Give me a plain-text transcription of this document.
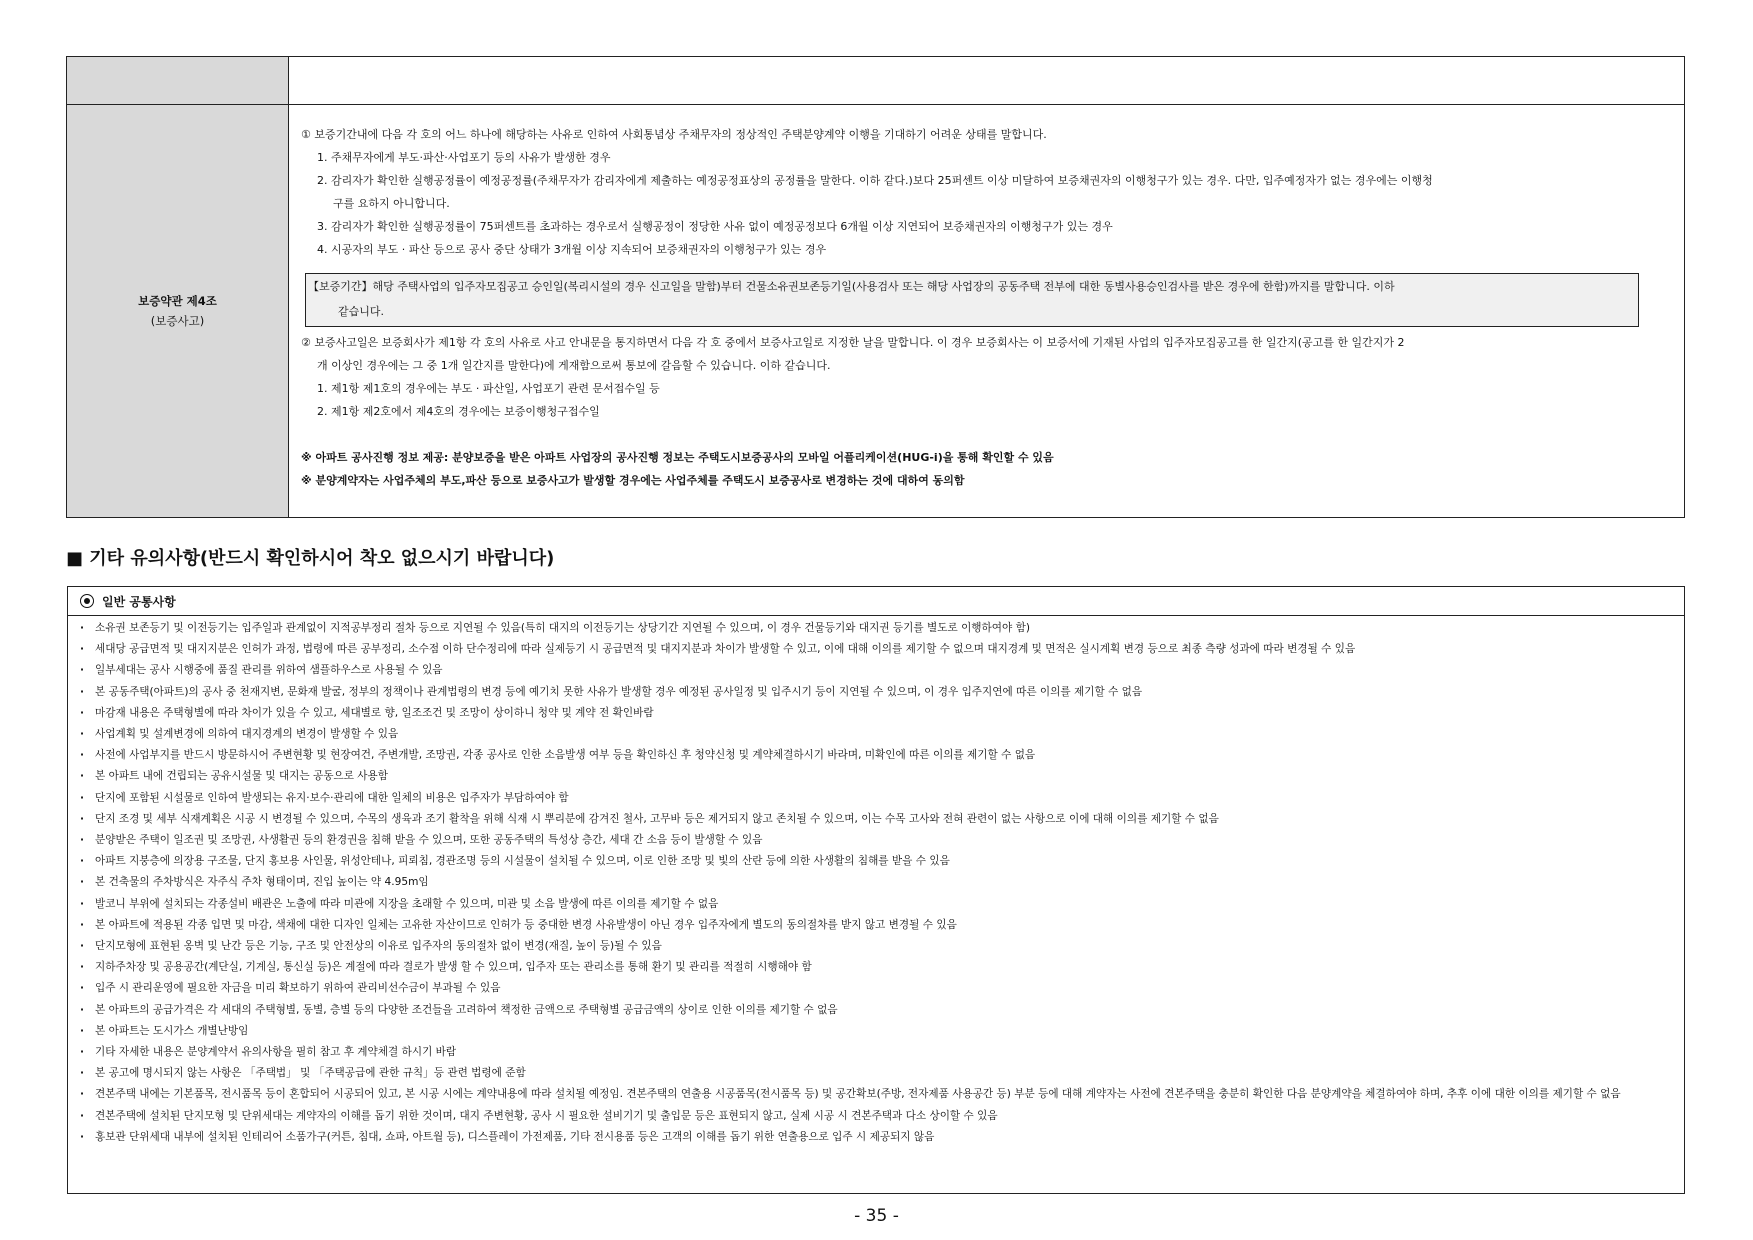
보증약관 제4조
(보증사고)
① 보증기간내에 다음 각 호의 어느 하나에 해당하는 사유로 인하여 사회통념상 주채무자의 정상적인 주택분양계약 이행을 기대하기 어려운 상태를 말합니다.
1. 주채무자에게 부도·파산·사업포기 등의 사유가 발생한 경우
2. 감리자가 확인한 실행공정률이 예정공정률(주채무자가 감리자에게 제출하는 예정공정표상의 공정률을 말한다. 이하 같다.)보다 25퍼센트 이상 미달하여 보증채권자의 이행청구가 있는 경우. 다만, 입주예정자가 없는 경우에는 이행청
구를 요하지 아니합니다.
3. 감리자가 확인한 실행공정률이 75퍼센트를 초과하는 경우로서 실행공정이 정당한 사유 없이 예정공정보다 6개월 이상 지연되어 보증채권자의 이행청구가 있는 경우
4. 시공자의 부도 · 파산 등으로 공사 중단 상태가 3개월 이상 지속되어 보증채권자의 이행청구가 있는 경우
【보증기간】해당 주택사업의 입주자모집공고 승인일(복리시설의 경우 신고일을 말함)부터 건물소유권보존등기일(사용검사 또는 해당 사업장의 공동주택 전부에 대한 동별사용승인검사를 받은 경우에 한함)까지를 말합니다. 이하
같습니다.
② 보증사고일은 보증회사가 제1항 각 호의 사유로 사고 안내문을 통지하면서 다음 각 호 중에서 보증사고일로 지정한 날을 말합니다. 이 경우 보증회사는 이 보증서에 기재된 사업의 입주자모집공고를 한 일간지(공고를 한 일간지가 2
개 이상인 경우에는 그 중 1개 일간지를 말한다)에 게재함으로써 통보에 갈음할 수 있습니다. 이하 같습니다.
1. 제1항 제1호의 경우에는 부도 · 파산일, 사업포기 관련 문서접수일 등
2. 제1항 제2호에서 제4호의 경우에는 보증이행청구접수일
※ 아파트 공사진행 정보 제공: 분양보증을 받은 아파트 사업장의 공사진행 정보는 주택도시보증공사의 모바일 어플리케이션(HUG-i)을 통해 확인할 수 있음
※ 분양계약자는 사업주체의 부도,파산 등으로 보증사고가 발생할 경우에는 사업주체를 주택도시 보증공사로 변경하는 것에 대하여 동의함
■ 기타 유의사항(반드시 확인하시어 착오 없으시기 바랍니다)
일반 공통사항
· 소유권 보존등기 및 이전등기는 입주일과 관계없이 지적공부정리 절차 등으로 지연될 수 있음(특히 대지의 이전등기는 상당기간 지연될 수 있으며, 이 경우 건물등기와 대지권 등기를 별도로 이행하여야 함)
· 세대당 공급면적 및 대지지분은 인허가 과정, 법령에 따른 공부정리, 소수점 이하 단수정리에 따라 실제등기 시 공급면적 및 대지지분과 차이가 발생할 수 있고, 이에 대해 이의를 제기할 수 없으며 대지경계 및 면적은 실시계획 변경 등으로 최종 측량 성과에 따라 변경될 수 있음
· 일부세대는 공사 시행중에 품질 관리를 위하여 샘플하우스로 사용될 수 있음
· 본 공동주택(아파트)의 공사 중 천재지변, 문화재 발굴, 정부의 정책이나 관계법령의 변경 등에 예기치 못한 사유가 발생할 경우 예정된 공사일정 및 입주시기 등이 지연될 수 있으며, 이 경우 입주지연에 따른 이의를 제기할 수 없음
· 마감재 내용은 주택형별에 따라 차이가 있을 수 있고, 세대별로 향, 일조조건 및 조망이 상이하니 청약 및 계약 전 확인바람
· 사업계획 및 설계변경에 의하여 대지경계의 변경이 발생할 수 있음
· 사전에 사업부지를 반드시 방문하시어 주변현황 및 현장여건, 주변개발, 조망권, 각종 공사로 인한 소음발생 여부 등을 확인하신 후 청약신청 및 계약체결하시기 바라며, 미확인에 따른 이의를 제기할 수 없음
· 본 아파트 내에 건립되는 공유시설물 및 대지는 공동으로 사용함
· 단지에 포함된 시설물로 인하여 발생되는 유지·보수·관리에 대한 일체의 비용은 입주자가 부담하여야 함
· 단지 조경 및 세부 식재계획은 시공 시 변경될 수 있으며, 수목의 생육과 조기 활착을 위해 식재 시 뿌리분에 감겨진 철사, 고무바 등은 제거되지 않고 존치될 수 있으며, 이는 수목 고사와 전혀 관련이 없는 사항으로 이에 대해 이의를 제기할 수 없음
· 분양받은 주택이 일조권 및 조망권, 사생활권 등의 환경권을 침해 받을 수 있으며, 또한 공동주택의 특성상 층간, 세대 간 소음 등이 발생할 수 있음
· 아파트 지붕층에 의장용 구조물, 단지 홍보용 사인물, 위성안테나, 피뢰침, 경관조명 등의 시설물이 설치될 수 있으며, 이로 인한 조망 및 빛의 산란 등에 의한 사생활의 침해를 받을 수 있음
· 본 건축물의 주차방식은 자주식 주차 형태이며, 진입 높이는 약 4.95m임
· 발코니 부위에 설치되는 각종설비 배관은 노출에 따라 미관에 지장을 초래할 수 있으며, 미관 및 소음 발생에 따른 이의를 제기할 수 없음
· 본 아파트에 적용된 각종 입면 및 마감, 색채에 대한 디자인 일체는 고유한 자산이므로 인허가 등 중대한 변경 사유발생이 아닌 경우 입주자에게 별도의 동의절차를 받지 않고 변경될 수 있음
· 단지모형에 표현된 옹벽 및 난간 등은 기능, 구조 및 안전상의 이유로 입주자의 동의절차 없이 변경(재질, 높이 등)될 수 있음
· 지하주차장 및 공용공간(계단실, 기계실, 통신실 등)은 계절에 따라 결로가 발생 할 수 있으며, 입주자 또는 관리소를 통해 환기 및 관리를 적절히 시행해야 함
· 입주 시 관리운영에 필요한 자금을 미리 확보하기 위하여 관리비선수금이 부과될 수 있음
· 본 아파트의 공급가격은 각 세대의 주택형별, 동별, 층별 등의 다양한 조건들을 고려하여 책정한 금액으로 주택형별 공급금액의 상이로 인한 이의를 제기할 수 없음
· 본 아파트는 도시가스 개별난방임
· 기타 자세한 내용은 분양계약서 유의사항을 필히 참고 후 계약체결 하시기 바람
· 본 공고에 명시되지 않는 사항은 「주택법」 및 「주택공급에 관한 규칙」등 관련 법령에 준함
· 견본주택 내에는 기본품목, 전시품목 등이 혼합되어 시공되어 있고, 본 시공 시에는 계약내용에 따라 설치될 예정임. 견본주택의 연출용 시공품목(전시품목 등) 및 공간확보(주방, 전자제품 사용공간 등) 부분 등에 대해 계약자는 사전에 견본주택을 충분히 확인한 다음 분양계약을 체결하여야 하며, 추후 이에 대한 이의를 제기할 수 없음
· 견본주택에 설치된 단지모형 및 단위세대는 계약자의 이해를 돕기 위한 것이며, 대지 주변현황, 공사 시 필요한 설비기기 및 출입문 등은 표현되지 않고, 실제 시공 시 견본주택과 다소 상이할 수 있음
· 홍보관 단위세대 내부에 설치된 인테리어 소품가구(커튼, 침대, 쇼파, 아트월 등), 디스플레이 가전제품, 기타 전시용품 등은 고객의 이해를 돕기 위한 연출용으로 입주 시 제공되지 않음
- 35 -
